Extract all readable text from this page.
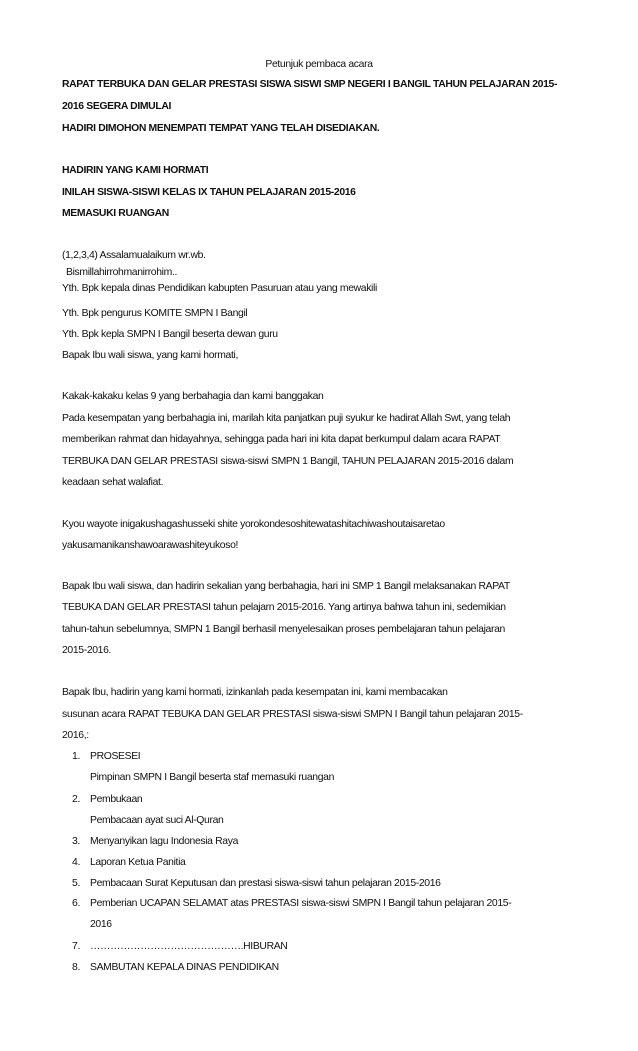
Petunjuk pembaca acara
RAPAT TERBUKA DAN GELAR PRESTASI SISWA SISWI SMP NEGERI I BANGIL TAHUN PELAJARAN 2015-
2016 SEGERA DIMULAI
HADIRI DIMOHON MENEMPATI TEMPAT YANG TELAH DISEDIAKAN.
HADIRIN YANG KAMI HORMATI
INILAH SISWA-SISWI KELAS IX TAHUN PELAJARAN 2015-2016
MEMASUKI RUANGAN
(1,2,3,4) Assalamualaikum wr.wb.
Bismillahirrohmanirrohim..
Yth. Bpk kepala dinas Pendidikan kabupten Pasuruan atau yang mewakili
Yth. Bpk pengurus KOMITE SMPN I Bangil
Yth. Bpk kepla SMPN I Bangil beserta dewan guru
Bapak Ibu wali siswa, yang kami hormati,
Kakak-kakaku kelas 9 yang berbahagia dan kami banggakan
Pada kesempatan yang berbahagia ini, marilah kita panjatkan puji syukur ke hadirat Allah Swt, yang telah
memberikan rahmat dan hidayahnya, sehingga pada hari ini kita dapat berkumpul dalam acara RAPAT
TERBUKA DAN GELAR PRESTASI siswa-siswi SMPN 1 Bangil, TAHUN PELAJARAN 2015-2016 dalam
keadaan sehat walafiat.
Kyou wayote inigakushagashusseki shite yorokondesoshitewatashitachiwashoutaisaretao
yakusamanikanshawoarawashiteyukoso!
Bapak Ibu wali siswa, dan hadirin sekalian yang berbahagia, hari ini SMP 1 Bangil melaksanakan RAPAT
TEBUKA DAN GELAR PRESTASI tahun pelajarn 2015-2016. Yang artinya bahwa tahun ini, sedemikian
tahun-tahun sebelumnya, SMPN 1 Bangil berhasil menyelesaikan proses pembelajaran tahun pelajaran
2015-2016.
Bapak Ibu, hadirin yang kami hormati, izinkanlah pada kesempatan ini, kami membacakan
susunan acara RAPAT TEBUKA DAN GELAR PRESTASI siswa-siswi SMPN I Bangil tahun pelajaran 2015-
2016,:
1. PROSESEI
Pimpinan SMPN I Bangil beserta staf memasuki ruangan
2. Pembukaan
Pembacaan ayat suci Al-Quran
3. Menyanyikan lagu Indonesia Raya
4. Laporan Ketua Panitia
5. Pembacaan Surat Keputusan dan prestasi siswa-siswi tahun pelajaran 2015-2016
6. Pemberian UCAPAN SELAMAT atas PRESTASI siswa-siswi SMPN I Bangil tahun pelajaran 2015-
2016
7. ……………………………………….HIBURAN
8. SAMBUTAN KEPALA DINAS PENDIDIKAN
